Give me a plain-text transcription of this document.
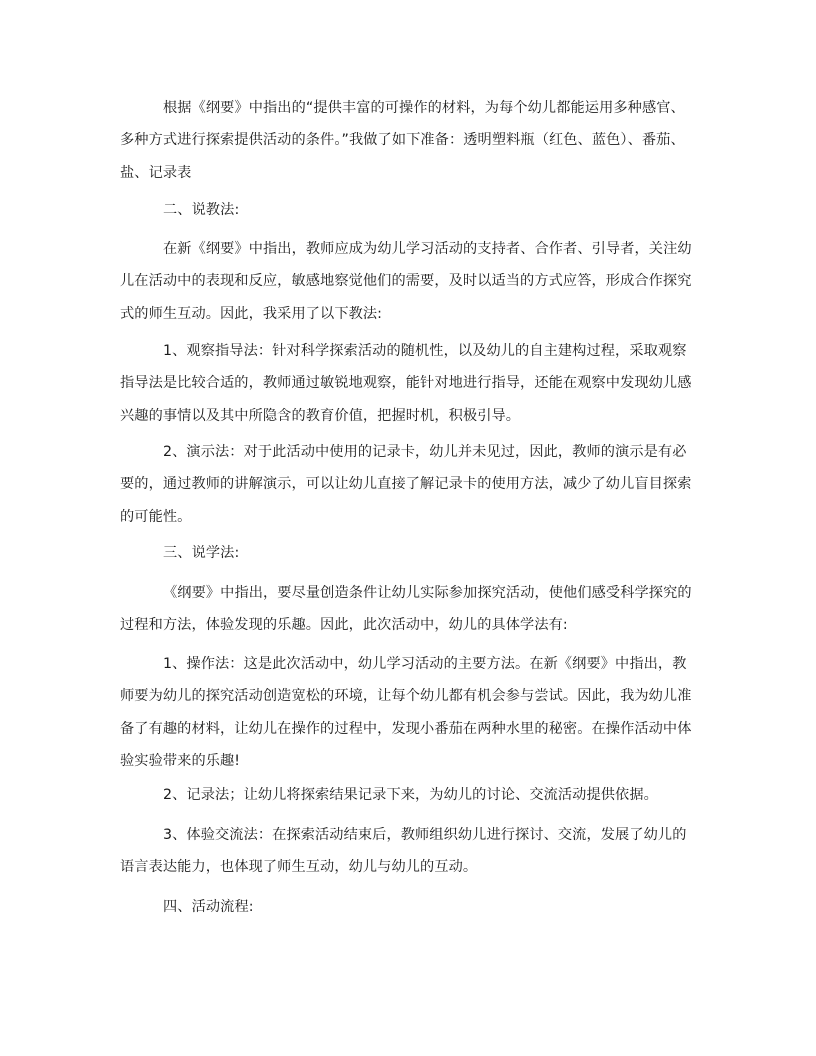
根据《纲要》中指出的“提供丰富的可操作的材料，为每个幼儿都能运用多种感官、多种方式进行探索提供活动的条件。”我做了如下准备：透明塑料瓶（红色、蓝色）、番茄、盐、记录表

二、说教法:

在新《纲要》中指出，教师应成为幼儿学习活动的支持者、合作者、引导者，关注幼儿在活动中的表现和反应，敏感地察觉他们的需要，及时以适当的方式应答，形成合作探究式的师生互动。因此，我采用了以下教法:

1、观察指导法：针对科学探索活动的随机性，以及幼儿的自主建构过程，采取观察指导法是比较合适的，教师通过敏锐地观察，能针对地进行指导，还能在观察中发现幼儿感兴趣的事情以及其中所隐含的教育价值，把握时机，积极引导。

2、演示法：对于此活动中使用的记录卡，幼儿并未见过，因此，教师的演示是有必要的，通过教师的讲解演示，可以让幼儿直接了解记录卡的使用方法，减少了幼儿盲目探索的可能性。

三、说学法:

《纲要》中指出，要尽量创造条件让幼儿实际参加探究活动，使他们感受科学探究的过程和方法，体验发现的乐趣。因此，此次活动中，幼儿的具体学法有:

1、操作法：这是此次活动中，幼儿学习活动的主要方法。在新《纲要》中指出，教师要为幼儿的探究活动创造宽松的环境，让每个幼儿都有机会参与尝试。因此，我为幼儿准备了有趣的材料，让幼儿在操作的过程中，发现小番茄在两种水里的秘密。在操作活动中体验实验带来的乐趣!

2、记录法；让幼儿将探索结果记录下来，为幼儿的讨论、交流活动提供依据。

3、体验交流法：在探索活动结束后，教师组织幼儿进行探讨、交流，发展了幼儿的语言表达能力，也体现了师生互动，幼儿与幼儿的互动。

四、活动流程:
